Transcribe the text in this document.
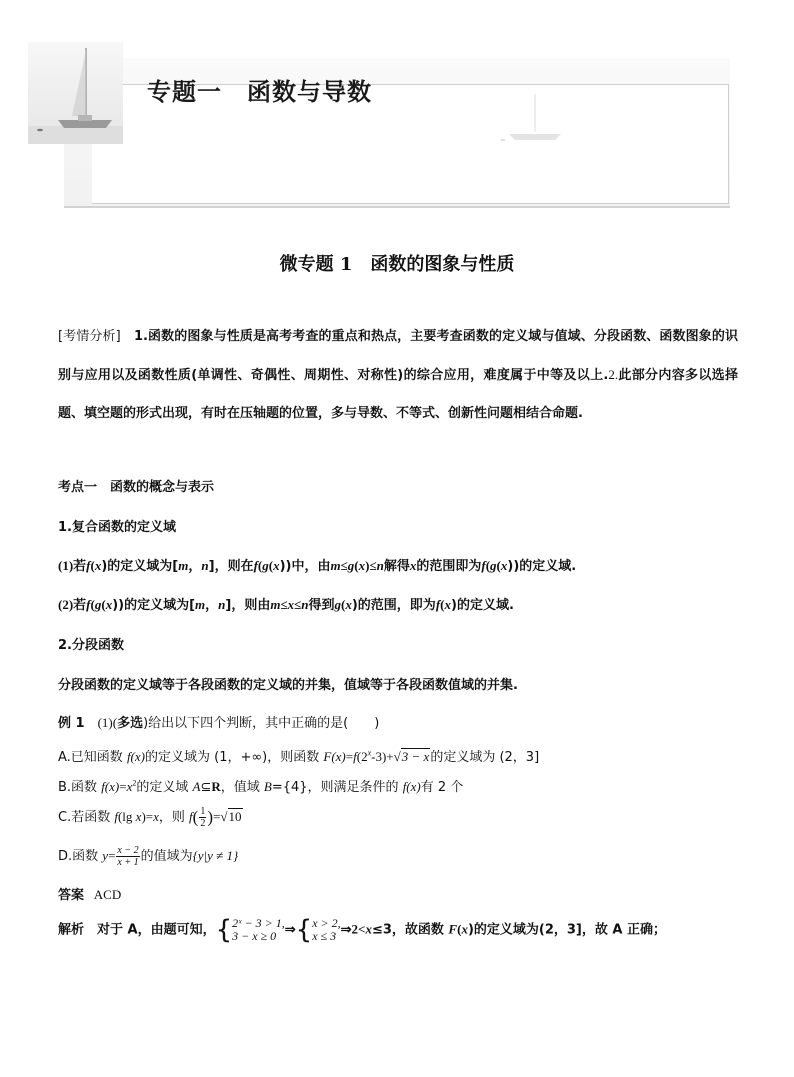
专题一　函数与导数
微专题 1　函数的图象与性质

[考情分析]　1.函数的图象与性质是高考考查的重点和热点，主要考查函数的定义域与值域、分段函数、函数图象的识别与应用以及函数性质(单调性、奇偶性、周期性、对称性)的综合应用，难度属于中等及以上.2.此部分内容多以选择题、填空题的形式出现，有时在压轴题的位置，多与导数、不等式、创新性问题相结合命题.

考点一　函数的概念与表示

1.复合函数的定义域

(1)若f(x)的定义域为[m，n]，则在f(g(x))中，由m≤g(x)≤n解得x的范围即为f(g(x))的定义域.

(2)若f(g(x))的定义域为[m，n]，则由m≤x≤n得到g(x)的范围，即为f(x)的定义域.

2.分段函数

分段函数的定义域等于各段函数的定义域的并集，值域等于各段函数值域的并集.

例 1　(1)(多选)给出以下四个判断，其中正确的是(　　)

A.已知函数 f(x)的定义域为 (1，+∞)，则函数 $F(x)=f(2^x-3)+√3 - x$的定义域为 (2，3]

B.函数 $f(x)=x^2$的定义域 A⊆R，值域 B={4}，则满足条件的 f(x)有 2 个

C.若函数 f(lg x)=x，则 $f( \frac{1}{2} )=√10$

D.函数 $y= \frac{x - 2}{x + 1}$ 的值域为{y|y ≠ 1}

答案 ACD

解析　对于 A，由题可知，{ 2ˣ − 3 > 1,
3 − x ≥ 0 ⇒{ x > 2,
x ≤ 3 ⇒2<x≤3，故函数 F(x)的定义域为(2，3]，故 A 正确；
